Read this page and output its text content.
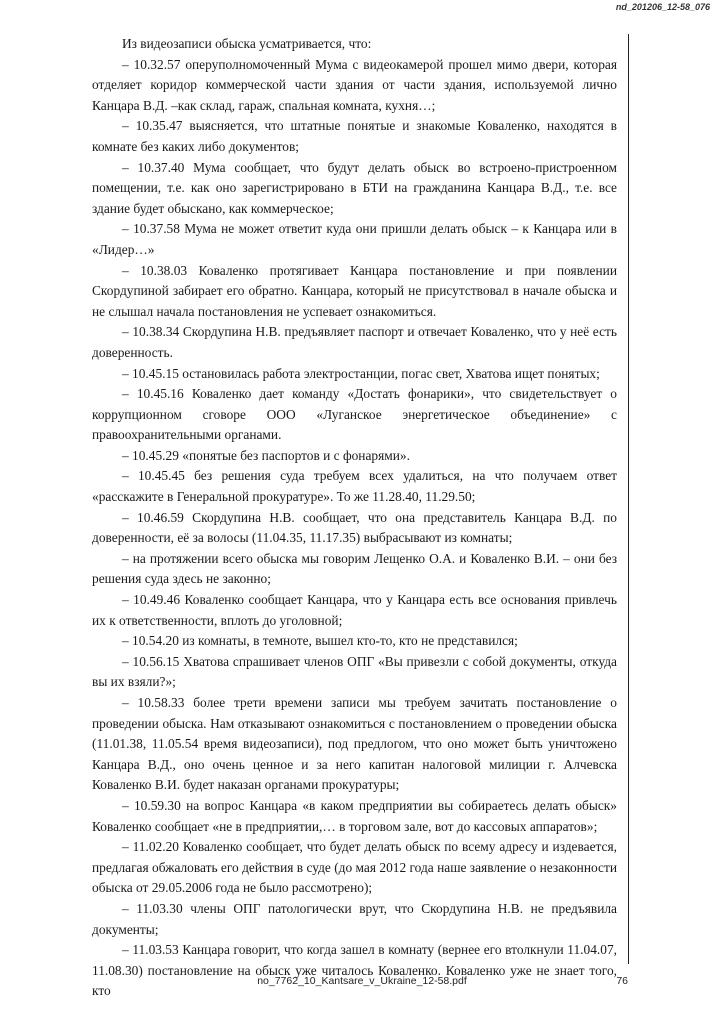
nd_201206_12-58_076

Из видеозаписи обыска усматривается, что:

– 10.32.57 оперуполномоченный Мума с видеокамерой прошел мимо двери, которая отделяет коридор коммерческой части здания от части здания, используемой лично Канцара В.Д. –как склад, гараж, спальная комната, кухня…;

– 10.35.47 выясняется, что штатные понятые и знакомые Коваленко, находятся в комнате без каких либо документов;

– 10.37.40 Мума сообщает, что будут делать обыск во встроено-пристроенном помещении, т.е. как оно зарегистрировано в БТИ на гражданина Канцара В.Д., т.е. все здание будет обыскано, как коммерческое;

– 10.37.58 Мума не может ответит куда они пришли делать обыск – к Канцара или в «Лидер…»

– 10.38.03 Коваленко протягивает Канцара постановление и при появлении Скордупиной забирает его обратно. Канцара, который не присутствовал в начале обыска и не слышал начала постановления не успевает ознакомиться.

– 10.38.34 Скордупина Н.В. предъявляет паспорт и отвечает Коваленко, что у неё есть доверенность.

– 10.45.15 остановилась работа электростанции, погас свет, Хватова ищет понятых;

– 10.45.16 Коваленко дает команду «Достать фонарики», что свидетельствует о коррупционном сговоре ООО «Луганское энергетическое объединение» с правоохранительными органами.

– 10.45.29 «понятые без паспортов и с фонарями».

– 10.45.45 без решения суда требуем всех удалиться, на что получаем ответ «расскажите в Генеральной прокуратуре». То же 11.28.40, 11.29.50;

– 10.46.59 Скордупина Н.В. сообщает, что она представитель Канцара В.Д. по доверенности, её за волосы (11.04.35, 11.17.35) выбрасывают из комнаты;

– на протяжении всего обыска мы говорим Лещенко О.А. и Коваленко В.И. – они без решения суда здесь не законно;

– 10.49.46 Коваленко сообщает Канцара, что у Канцара есть все основания привлечь их к ответственности, вплоть до уголовной;

– 10.54.20 из комнаты, в темноте, вышел кто-то, кто не представился;

– 10.56.15 Хватова спрашивает членов ОПГ «Вы привезли с собой документы, откуда вы их взяли?»;

– 10.58.33 более трети времени записи мы требуем зачитать постановление о проведении обыска. Нам отказывают ознакомиться с постановлением о проведении обыска (11.01.38, 11.05.54 время видеозаписи), под предлогом, что оно может быть уничтожено Канцара В.Д., оно очень ценное и за него капитан налоговой милиции г. Алчевска Коваленко В.И. будет наказан органами прокуратуры;

– 10.59.30 на вопрос Канцара «в каком предприятии вы собираетесь делать обыск» Коваленко сообщает «не в предприятии,… в торговом зале, вот до кассовых аппаратов»;

– 11.02.20 Коваленко сообщает, что будет делать обыск по всему адресу и издевается, предлагая обжаловать его действия в суде (до мая 2012 года наше заявление о незаконности обыска от 29.05.2006 года не было рассмотрено);

– 11.03.30 члены ОПГ патологически врут, что Скордупина Н.В. не предъявила документы;

– 11.03.53 Канцара говорит, что когда зашел в комнату (вернее его втолкнули 11.04.07, 11.08.30) постановление на обыск уже читалось Коваленко. Коваленко уже не знает того, кто

no_7762_10_Kantsare_v_Ukraine_12-58.pdf	76
